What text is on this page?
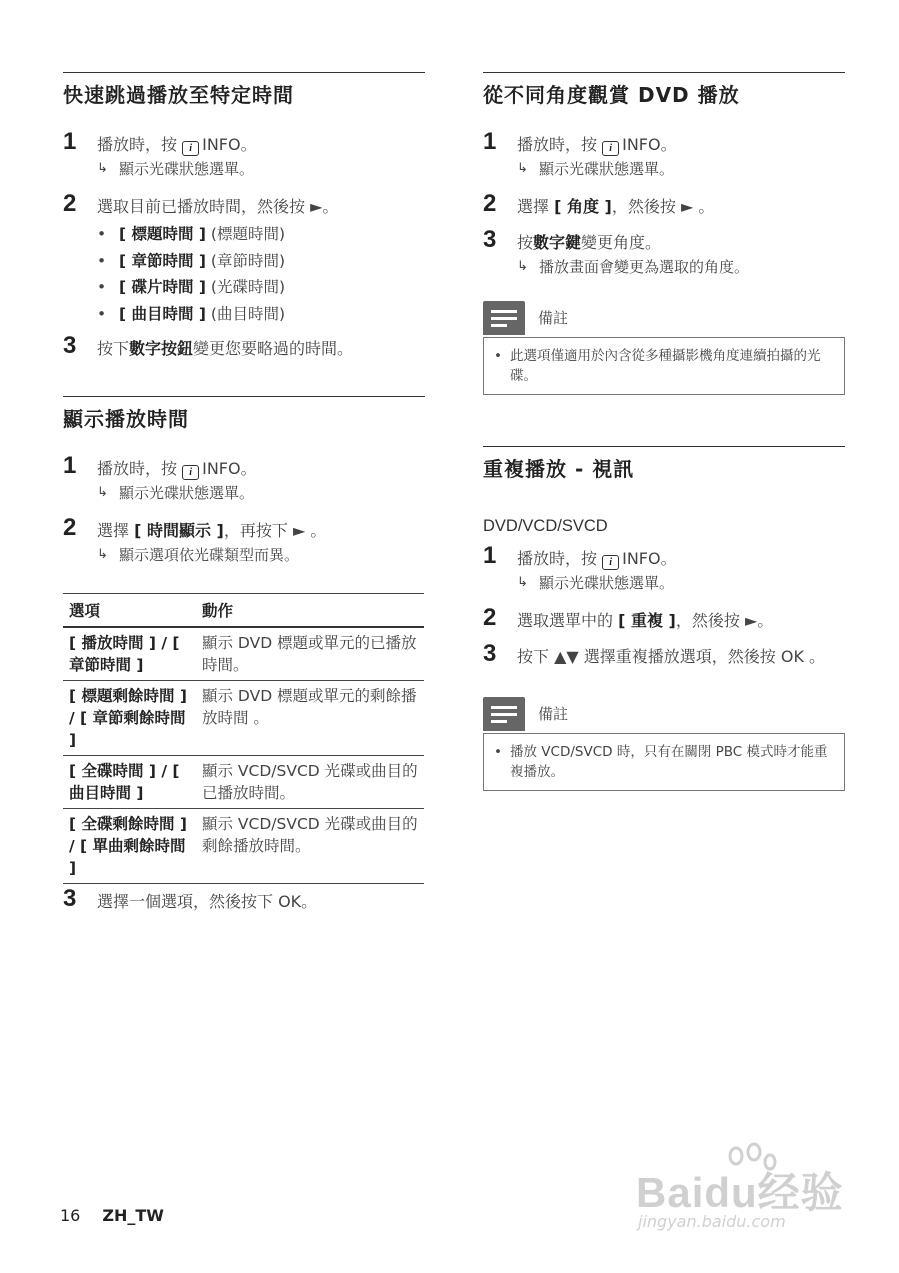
快速跳過播放至特定時間
1 播放時，按 i INFO。
↳ 顯示光碟狀態選單。
2 選取目前已播放時間，然後按 ►。
• [ 標題時間 ] (標題時間)
• [ 章節時間 ] (章節時間)
• [ 碟片時間 ] (光碟時間)
• [ 曲目時間 ] (曲目時間)
3 按下數字按鈕變更您要略過的時間。
顯示播放時間
1 播放時，按 i INFO。
↳ 顯示光碟狀態選單。
2 選擇 [ 時間顯示 ]，再按下 ► 。
↳ 顯示選項依光碟類型而異。
選項	動作
[ 播放時間 ] / [ 章節時間 ]	顯示 DVD 標題或單元的已播放時間。
[ 標題剩餘時間 ] / [ 章節剩餘時間 ]	顯示 DVD 標題或單元的剩餘播放時間 。
[ 全碟時間 ] / [ 曲目時間 ]	顯示 VCD/SVCD 光碟或曲目的已播放時間。
[ 全碟剩餘時間 ] / [ 單曲剩餘時間 ]	顯示 VCD/SVCD 光碟或曲目的剩餘播放時間。
3 選擇一個選項，然後按下 OK。
從不同角度觀賞 DVD 播放
1 播放時，按 i INFO。
↳ 顯示光碟狀態選單。
2 選擇 [ 角度 ]，然後按 ► 。
3 按數字鍵變更角度。
↳ 播放畫面會變更為選取的角度。
備註
• 此選項僅適用於內含從多種攝影機角度連續拍攝的光碟。
重複播放 - 視訊
DVD/VCD/SVCD
1 播放時，按 i INFO。
↳ 顯示光碟狀態選單。
2 選取選單中的 [ 重複 ]，然後按 ►。
3 按下 ▲▼ 選擇重複播放選項，然後按 OK 。
備註
• 播放 VCD/SVCD 時，只有在關閉 PBC 模式時才能重複播放。
16 ZH_TW	Baidu经验
jingyan.baidu.com
